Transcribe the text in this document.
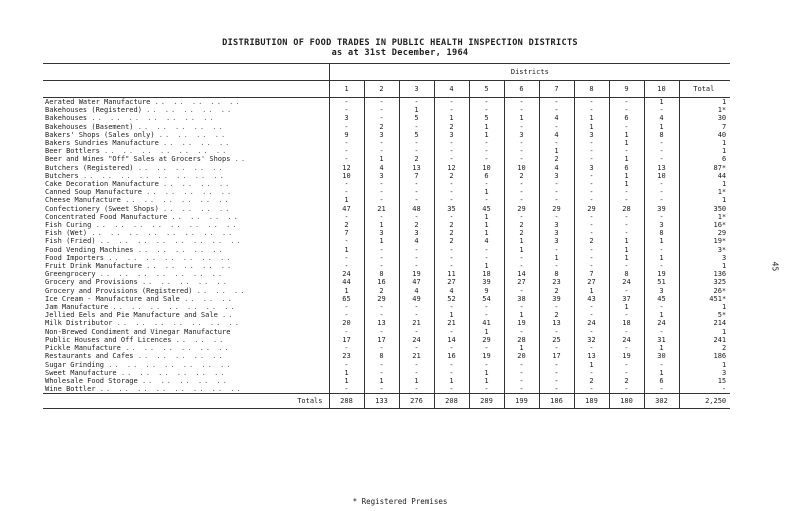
DISTRIBUTION OF FOOD TRADES IN PUBLIC HEALTH INSPECTION DISTRICTS
as at 31st December, 1964
45
	Districts										
	1	2	3	4	5	6	7	8	9	10	Total
Aerated Water Manufacture .. .. .. .. ..	-	-	-	-	-	-	-	-	-	1	1
Bakehouses (Registered) .. .. .. .. ..	-	-	1	-	-	-	-	-	-	-	1*
Bakehouses .. .. .. .. .. .. ..	3	-	5	1	5	1	4	1	6	4	30
Bakehouses (Basement) .. .. .. .. ..	-	2	-	2	1	-	-	1	-	1	7
Bakers' Shops (Sales only) .. .. .. ..	9	3	5	3	1	3	4	3	1	8	40
Bakers Sundries Manufacture .. .. .. ..	-	-	-	-	-	-	-	-	1	-	1
Beer Bottlers .. .. .. .. .. .. ..	-	-	-	-	-	-	1	-	-	-	1
Beer and Wines "Off" Sales at Grocers' Shops ..	-	1	2	-	-	-	2	-	1	-	6
Butchers (Registered) .. .. .. .. ..	12	4	13	12	10	10	4	3	6	13	87*
Butchers .. .. .. .. .. .. .. ..	10	3	7	2	6	2	3	-	1	10	44
Cake Decoration Manufacture .. .. .. ..	-	-	-	-	-	-	-	-	1	-	1
Canned Soup Manufacture .. .. .. .. ..	-	-	-	-	1	-	-	-	-	-	1*
Cheese Manufacture .. .. .. .. .. ..	1	-	-	-	-	-	-	-	-	-	1
Confectionery (Sweet Shops) .. .. .. ..	47	21	48	35	45	29	29	29	28	39	350
Concentrated Food Manufacture .. .. .. ..	-	-	-	-	1	-	-	-	-	-	1*
Fish Curing .. .. .. .. .. .. .. ..	2	1	2	2	1	2	3	-	-	3	16*
Fish (Wet) .. .. .. .. .. .. .. ..	7	3	3	2	1	2	3	-	-	8	29
Fish (Fried) .. .. .. .. .. .. .. ..	-	1	4	2	4	1	3	2	1	1	19*
Food Vending Machines .. .. .. .. ..	1	-	-	-	-	1	-	-	1	-	3*
Food Importers .. .. .. .. .. .. ..	-	-	-	-	-	-	1	-	1	1	3
Fruit Drink Manufacture .. .. .. .. ..	-	-	-	-	1	-	-	-	-	-	1
Greengrocery .. .. .. .. .. .. ..	24	8	19	11	18	14	8	7	8	19	136
Grocery and Provisions .. .. .. .. ..	44	16	47	27	39	27	23	27	24	51	325
Grocery and Provisions (Registered) .. .. ..	1	2	4	4	9	-	2	1	-	3	26*
Ice Cream - Manufacture and Sale .. .. ..	65	29	49	52	54	38	39	43	37	45	451*
Jam Manufacture .. .. .. .. .. .. ..	-	-	-	-	-	-	-	-	1	-	1
Jellied Eels and Pie Manufacture and Sale ..	-	-	-	1	-	1	2	-	-	1	5*
Milk Distributor .. .. .. .. .. .. ..	20	13	21	21	41	19	13	24	18	24	214
Non-Brewed Condiment and Vinegar Manufacture	-	-	-	-	1	-	-	-	-	-	1
Public Houses and Off Licences .. .. ..	17	17	24	14	29	28	25	32	24	31	241
Pickle Manufacture .. .. .. .. .. ..	-	-	-	-	-	1	-	-	-	1	2
Restaurants and Cafes .. .. .. .. ..	23	8	21	16	19	20	17	13	19	30	186
Sugar Grinding .. .. .. .. .. .. ..	-	-	-	-	-	-	-	1	-	-	1
Sweet Manufacture .. .. .. .. .. ..	1	-	-	-	1	-	-	-	-	1	3
Wholesale Food Storage .. .. .. .. ..	1	1	1	1	1	-	-	2	2	6	15
Wine Bottler .. .. .. .. .. .. .. ..	-	-	-	-	-	-	-	-	-	-	-
Totals	288	133	276	208	289	199	186	189	180	302	2,250
* Registered Premises
